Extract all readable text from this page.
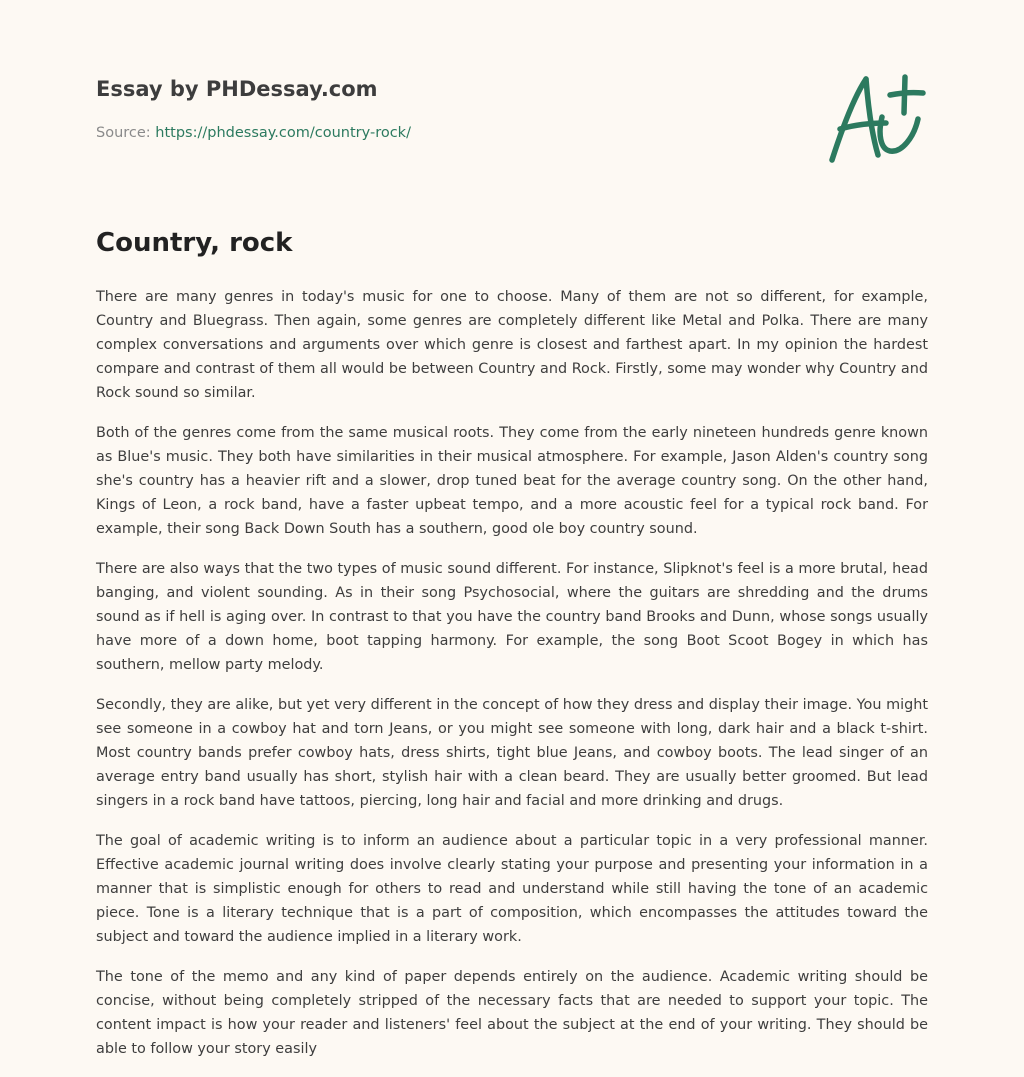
Essay by PHDessay.com
Source: https://phdessay.com/country-rock/
Country, rock

There are many genres in today's music for one to choose. Many of them are not so different, for example, Country and Bluegrass. Then again, some genres are completely different like Metal and Polka. There are many complex conversations and arguments over which genre is closest and farthest apart. In my opinion the hardest compare and contrast of them all would be between Country and Rock. Firstly, some may wonder why Country and Rock sound so similar.

Both of the genres come from the same musical roots. They come from the early nineteen hundreds genre known as Blue's music. They both have similarities in their musical atmosphere. For example, Jason Alden's country song she's country has a heavier rift and a slower, drop tuned beat for the average country song. On the other hand, Kings of Leon, a rock band, have a faster upbeat tempo, and a more acoustic feel for a typical rock band. For example, their song Back Down South has a southern, good ole boy country sound.

There are also ways that the two types of music sound different. For instance, Slipknot's feel is a more brutal, head banging, and violent sounding. As in their song Psychosocial, where the guitars are shredding and the drums sound as if hell is aging over. In contrast to that you have the country band Brooks and Dunn, whose songs usually have more of a down home, boot tapping harmony. For example, the song Boot Scoot Bogey in which has southern, mellow party melody.

Secondly, they are alike, but yet very different in the concept of how they dress and display their image. You might see someone in a cowboy hat and torn Jeans, or you might see someone with long, dark hair and a black t-shirt. Most country bands prefer cowboy hats, dress shirts, tight blue Jeans, and cowboy boots. The lead singer of an average entry band usually has short, stylish hair with a clean beard. They are usually better groomed. But lead singers in a rock band have tattoos, piercing, long hair and facial and more drinking and drugs.

The goal of academic writing is to inform an audience about a particular topic in a very professional manner. Effective academic journal writing does involve clearly stating your purpose and presenting your information in a manner that is simplistic enough for others to read and understand while still having the tone of an academic piece. Tone is a literary technique that is a part of composition, which encompasses the attitudes toward the subject and toward the audience implied in a literary work.

The tone of the memo and any kind of paper depends entirely on the audience. Academic writing should be concise, without being completely stripped of the necessary facts that are needed to support your topic. The content impact is how your reader and listeners' feel about the subject at the end of your writing. They should be able to follow your story easily
